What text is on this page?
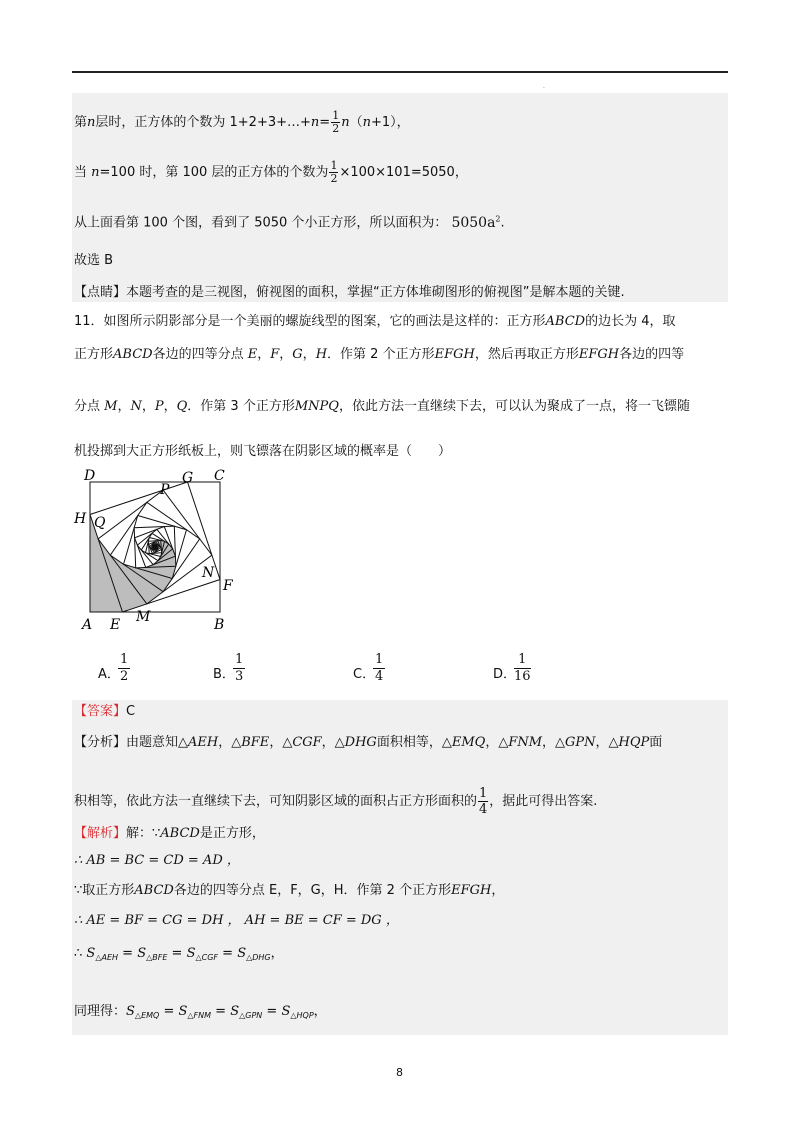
.
第n层时，正方体的个数为 1+2+3+…+n= $\frac{1}{2} n(n+1)$，
当 n=100 时，第 100 层的正方体的个数为 $\frac{1}{2} \times 100\times 101=5050$，
从上面看第 100 个图，看到了 5050 个小正方形，所以面积为： $5050a^2$.
故选 B
【点睛】本题考查的是三视图，俯视图的面积，掌握“正方体堆砌图形的俯视图”是解本题的关键.
11．如图所示阴影部分是一个美丽的螺旋线型的图案，它的画法是这样的：正方形ABCD的边长为 4，取
正方形ABCD各边的四等分点 E，F，G，H．作第 2 个正方形EFGH，然后再取正方形EFGH各边的四等
分点 M，N，P，Q．作第 3 个正方形MNPQ，依此方法一直继续下去，可以认为聚成了一点，将一飞镖随
机投掷到大正方形纸板上，则飞镖落在阴影区域的概率是（　　）
D
P
G C
H Q
N
F
M
A E	B
A．
$\frac{1}{2}$	B．
$\frac{1}{3}$	C．
$\frac{1}{4}$	D．
$\frac{1}{16}$
【答案】C
【分析】由题意知△AEH，△BFE，△CGF，△DHG面积相等，△EMQ，△FNM，△GPN，△HQP面
积相等，依此方法一直继续下去，可知阴影区域的面积占正方形面积的 $\frac{1}{4}$ ，据此可得出答案.
【解析】解：∵ABCD是正方形，
∴ AB = BC = CD = AD ，
∵取正方形ABCD各边的四等分点 E，F，G，H．作第 2 个正方形EFGH，
∴ AE = BF = CG = DH ， AH = BE = CF = DG ，
∴ $S_{\triangle AEH} = S_{\triangle BFE} = S_{\triangle CGF} = S_{\triangle DHG}$，
同理得：$S_{\triangle EMQ} = S_{\triangle FNM} = S_{\triangle GPN} = S_{\triangle HQP}$，
8
